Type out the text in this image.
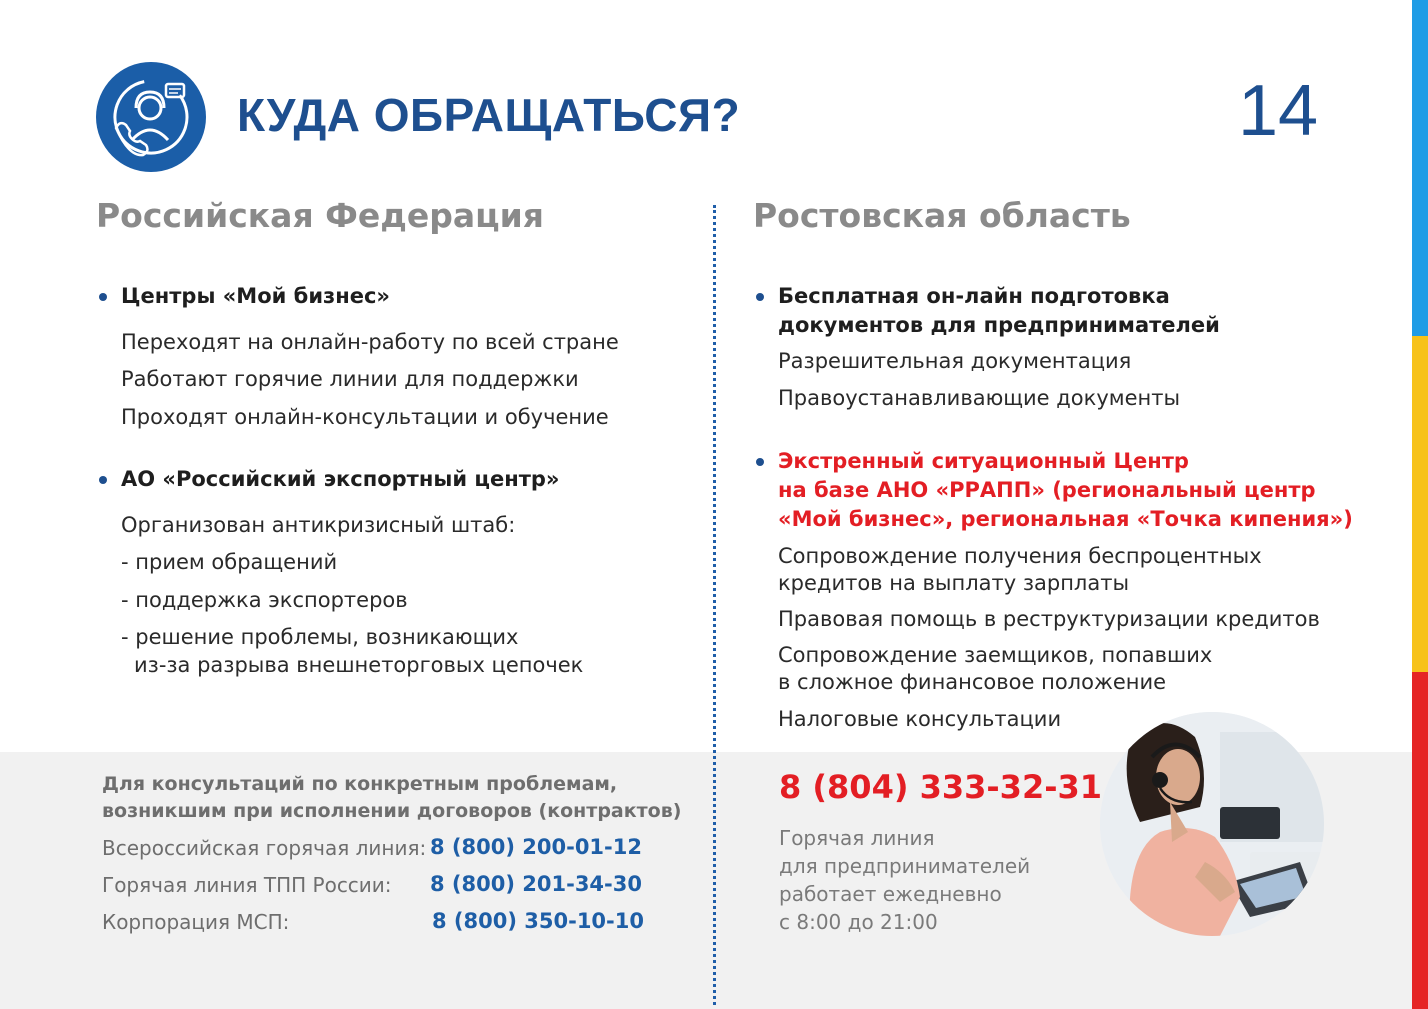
КУДА ОБРАЩАТЬСЯ?	14
Российская Федерация	Ростовская область
Центры «Мой бизнес»
Переходят на онлайн-работу по всей стране
Работают горячие линии для поддержки
Проходят онлайн-консультации и обучение
АО «Российский экспортный центр»
Организован антикризисный штаб:
- прием обращений
- поддержка экспортеров
- решение проблемы, возникающих
из-за разрыва внешнеторговых цепочек
Бесплатная он-лайн подготовка
документов для предпринимателей
Разрешительная документация
Правоустанавливающие документы
Экстренный ситуационный Центр
на базе АНО «РРАПП» (региональный центр
«Мой бизнес», региональная «Точка кипения»)
Сопровождение получения беспроцентных
кредитов на выплату зарплаты
Правовая помощь в реструктуризации кредитов
Сопровождение заемщиков, попавших
в сложное финансовое положение
Налоговые консультации
Для консультаций по конкретным проблемам,
возникшим при исполнении договоров (контрактов)
Всероссийская горячая линия: 8 (800) 200-01-12
Горячая линия ТПП России: 8 (800) 201-34-30
Корпорация МСП:	8 (800) 350-10-10
8 (804) 333-32-31
Горячая линия
для предпринимателей
работает ежедневно
с 8:00 до 21:00
